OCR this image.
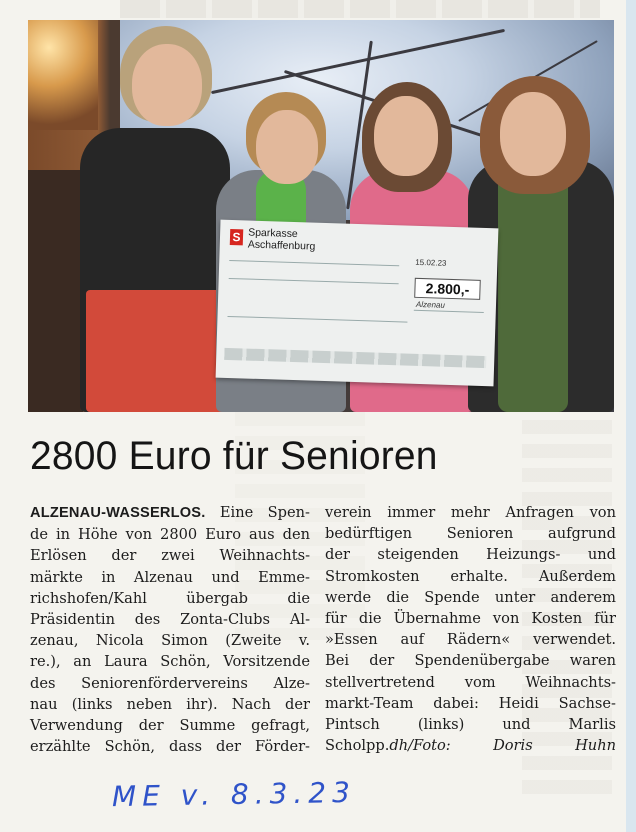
S Sparkasse
Aschaffenburg
15.02.23
2.800,-
Alzenau
2800 Euro für Senioren
ALZENAU-WASSERLOS. Eine Spen-
de in Höhe von 2800 Euro aus den
Erlösen der zwei Weihnachts-
märkte in Alzenau und Emme-
richshofen/Kahl übergab die
Präsidentin des Zonta-Clubs Al-
zenau, Nicola Simon (Zweite v.
re.), an Laura Schön, Vorsitzende
des Seniorenfördervereins Alze-
nau (links neben ihr). Nach der
Verwendung der Summe gefragt,
erzählte Schön, dass der Förder-
verein immer mehr Anfragen von
bedürftigen Senioren aufgrund
der steigenden Heizungs- und
Stromkosten erhalte. Außerdem
werde die Spende unter anderem
für die Übernahme von Kosten für
»Essen auf Rädern« verwendet.
Bei der Spendenübergabe waren
stellvertretend vom Weihnachts-
markt-Team dabei: Heidi Sachse-
Pintsch (links) und Marlis
Scholpp.dh/Foto: Doris Huhn
ME v. 8.3.23
